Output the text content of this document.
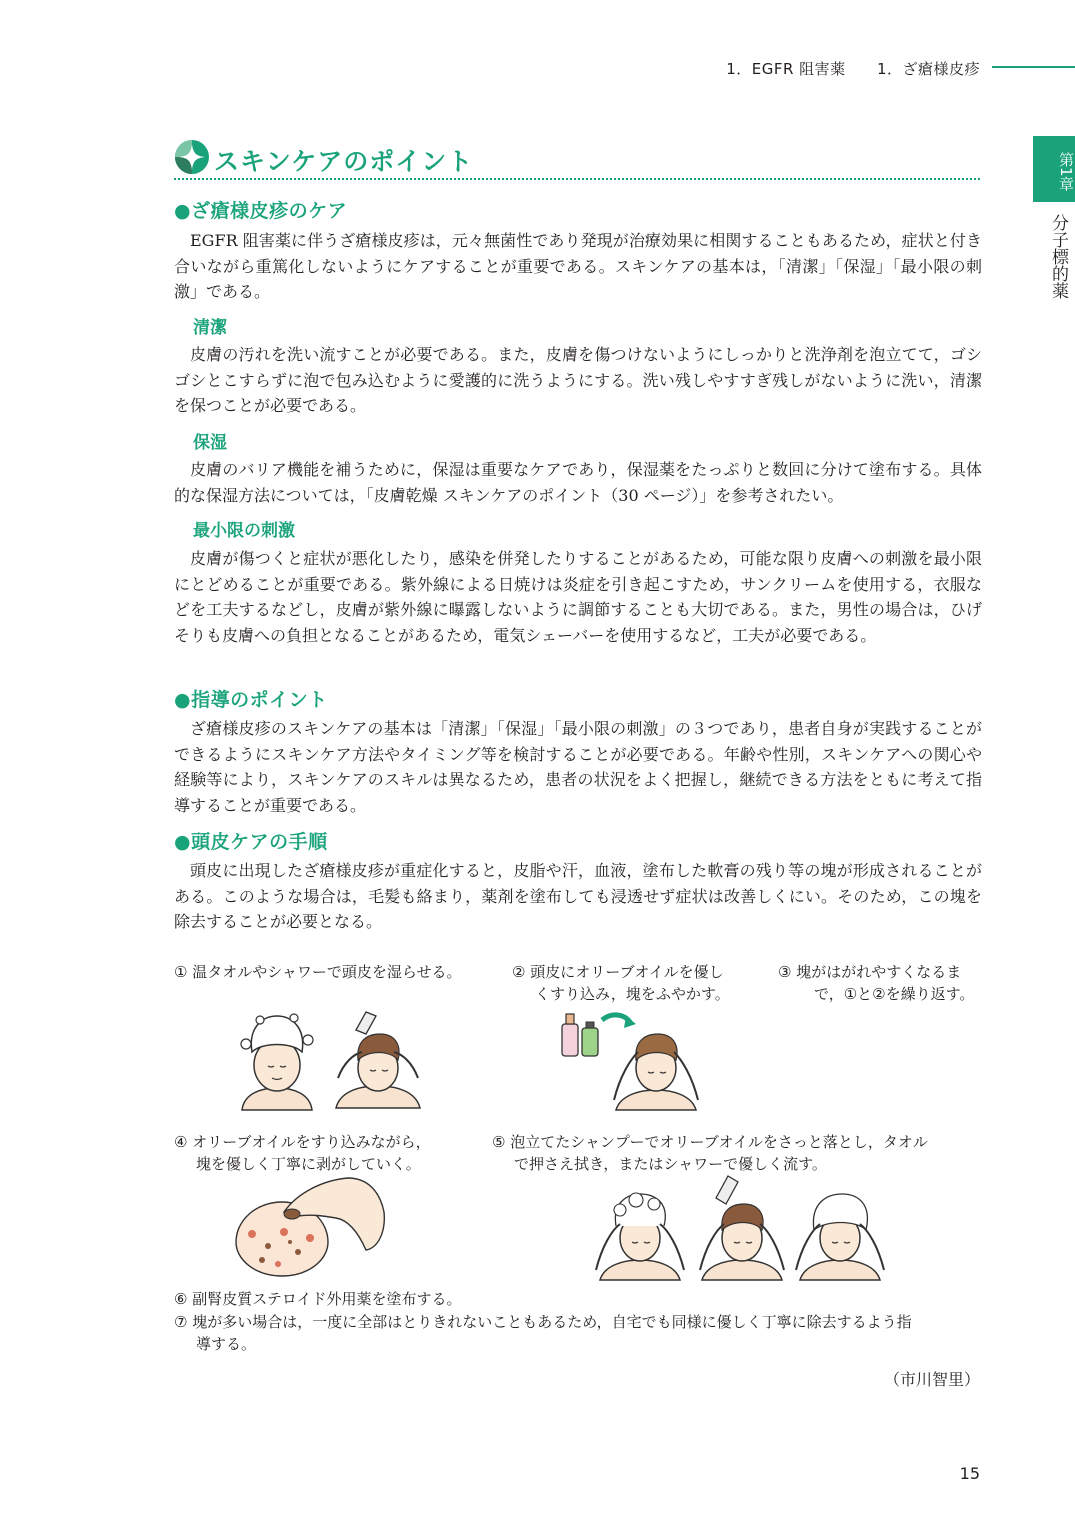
1．EGFR 阻害薬 1．ざ瘡様皮疹
第1章
分子標的薬
スキンケアのポイント
●ざ瘡様皮疹のケア
EGFR 阻害薬に伴うざ瘡様皮疹は，元々無菌性であり発現が治療効果に相関することもあるため，症状と付き合いながら重篤化しないようにケアすることが重要である。スキンケアの基本は，「清潔」「保湿」「最小限の刺激」である。
清潔
皮膚の汚れを洗い流すことが必要である。また，皮膚を傷つけないようにしっかりと洗浄剤を泡立てて，ゴシゴシとこすらずに泡で包み込むように愛護的に洗うようにする。洗い残しやすすぎ残しがないように洗い，清潔を保つことが必要である。
保湿
皮膚のバリア機能を補うために，保湿は重要なケアであり，保湿薬をたっぷりと数回に分けて塗布する。具体的な保湿方法については，「皮膚乾燥 スキンケアのポイント（30 ページ）」を参考されたい。
最小限の刺激
皮膚が傷つくと症状が悪化したり，感染を併発したりすることがあるため，可能な限り皮膚への刺激を最小限にとどめることが重要である。紫外線による日焼けは炎症を引き起こすため，サンクリームを使用する，衣服などを工夫するなどし，皮膚が紫外線に曝露しないように調節することも大切である。また，男性の場合は，ひげそりも皮膚への負担となることがあるため，電気シェーバーを使用するなど，工夫が必要である。
●指導のポイント
ざ瘡様皮疹のスキンケアの基本は「清潔」「保湿」「最小限の刺激」の３つであり，患者自身が実践することができるようにスキンケア方法やタイミング等を検討することが必要である。年齢や性別，スキンケアへの関心や経験等により，スキンケアのスキルは異なるため，患者の状況をよく把握し，継続できる方法をともに考えて指導することが重要である。
●頭皮ケアの手順
頭皮に出現したざ瘡様皮疹が重症化すると，皮脂や汗，血液，塗布した軟膏の残り等の塊が形成されることがある。このような場合は，毛髪も絡まり，薬剤を塗布しても浸透せず症状は改善しくにい。そのため，この塊を除去することが必要となる。
① 温タオルやシャワーで頭皮を湿らせる。	② 頭皮にオリーブオイルを優し
くすり込み，塊をふやかす。
③ 塊がはがれやすくなるま
で，①と②を繰り返す。
④ オリーブオイルをすり込みながら，
塊を優しく丁寧に剥がしていく。
⑤ 泡立てたシャンプーでオリーブオイルをさっと落とし，タオル
で押さえ拭き，またはシャワーで優しく流す。
⑥ 副腎皮質ステロイド外用薬を塗布する。
⑦ 塊が多い場合は，一度に全部はとりきれないこともあるため，自宅でも同様に優しく丁寧に除去するよう指
導する。
（市川智里）
15
